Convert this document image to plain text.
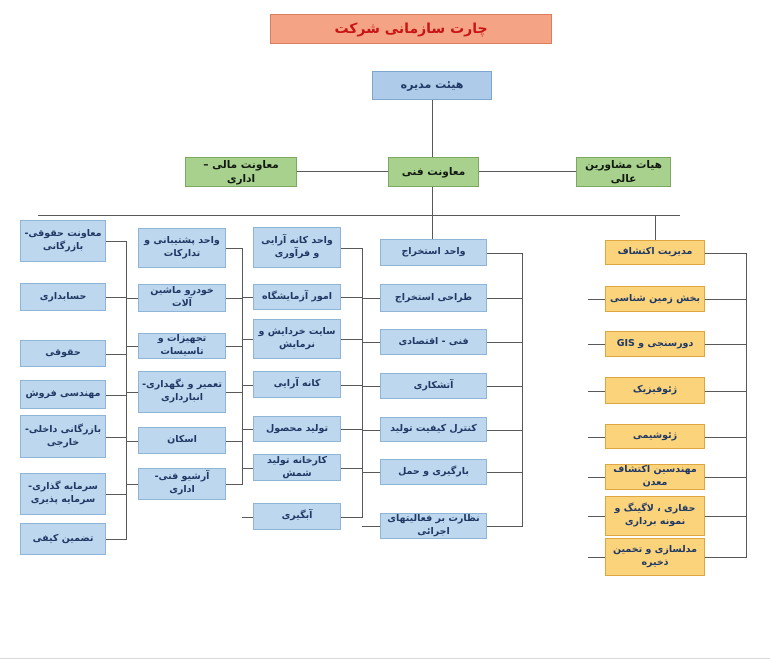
چارت سازمانی شرکت
هیئت مدیره
معاونت مالی – اداری
معاونت فنی
هیات مشاورین عالی
معاونت حقوقی- بازرگانی
حسابداری
حقوقی
مهندسی فروش
بازرگانی داخلی- خارجی
سرمایه گذاری- سرمایه پذیری
تضمین کیفی
واحد پشتیبانی و تدارکات
خودرو ماشین آلات
تجهیزات و تاسیسات
تعمیر و نگهداری- انبارداری
اسکان
آرشیو فنی-اداری
واحد کانه آرایی و فرآوری
امور آزمایشگاه
سایت خردایش و نرمایش
کانه آرایی
تولید محصول
کارخانه تولید شمش
آبگیری
واحد استخراج
طراحی استخراج
فنی - اقتصادی
آتشکاری
کنترل کیفیت تولید
بارگیری و حمل
نظارت بر فعالیتهای اجرائی
مدیریت اکتشاف
بخش زمین شناسی
دورسنجی و GIS
ژئوفیزیک
ژئوشیمی
مهندسین اکتشاف معدن
حفاری ، لاگینگ و نمونه برداری
مدلسازی و تخمین ذخیره
